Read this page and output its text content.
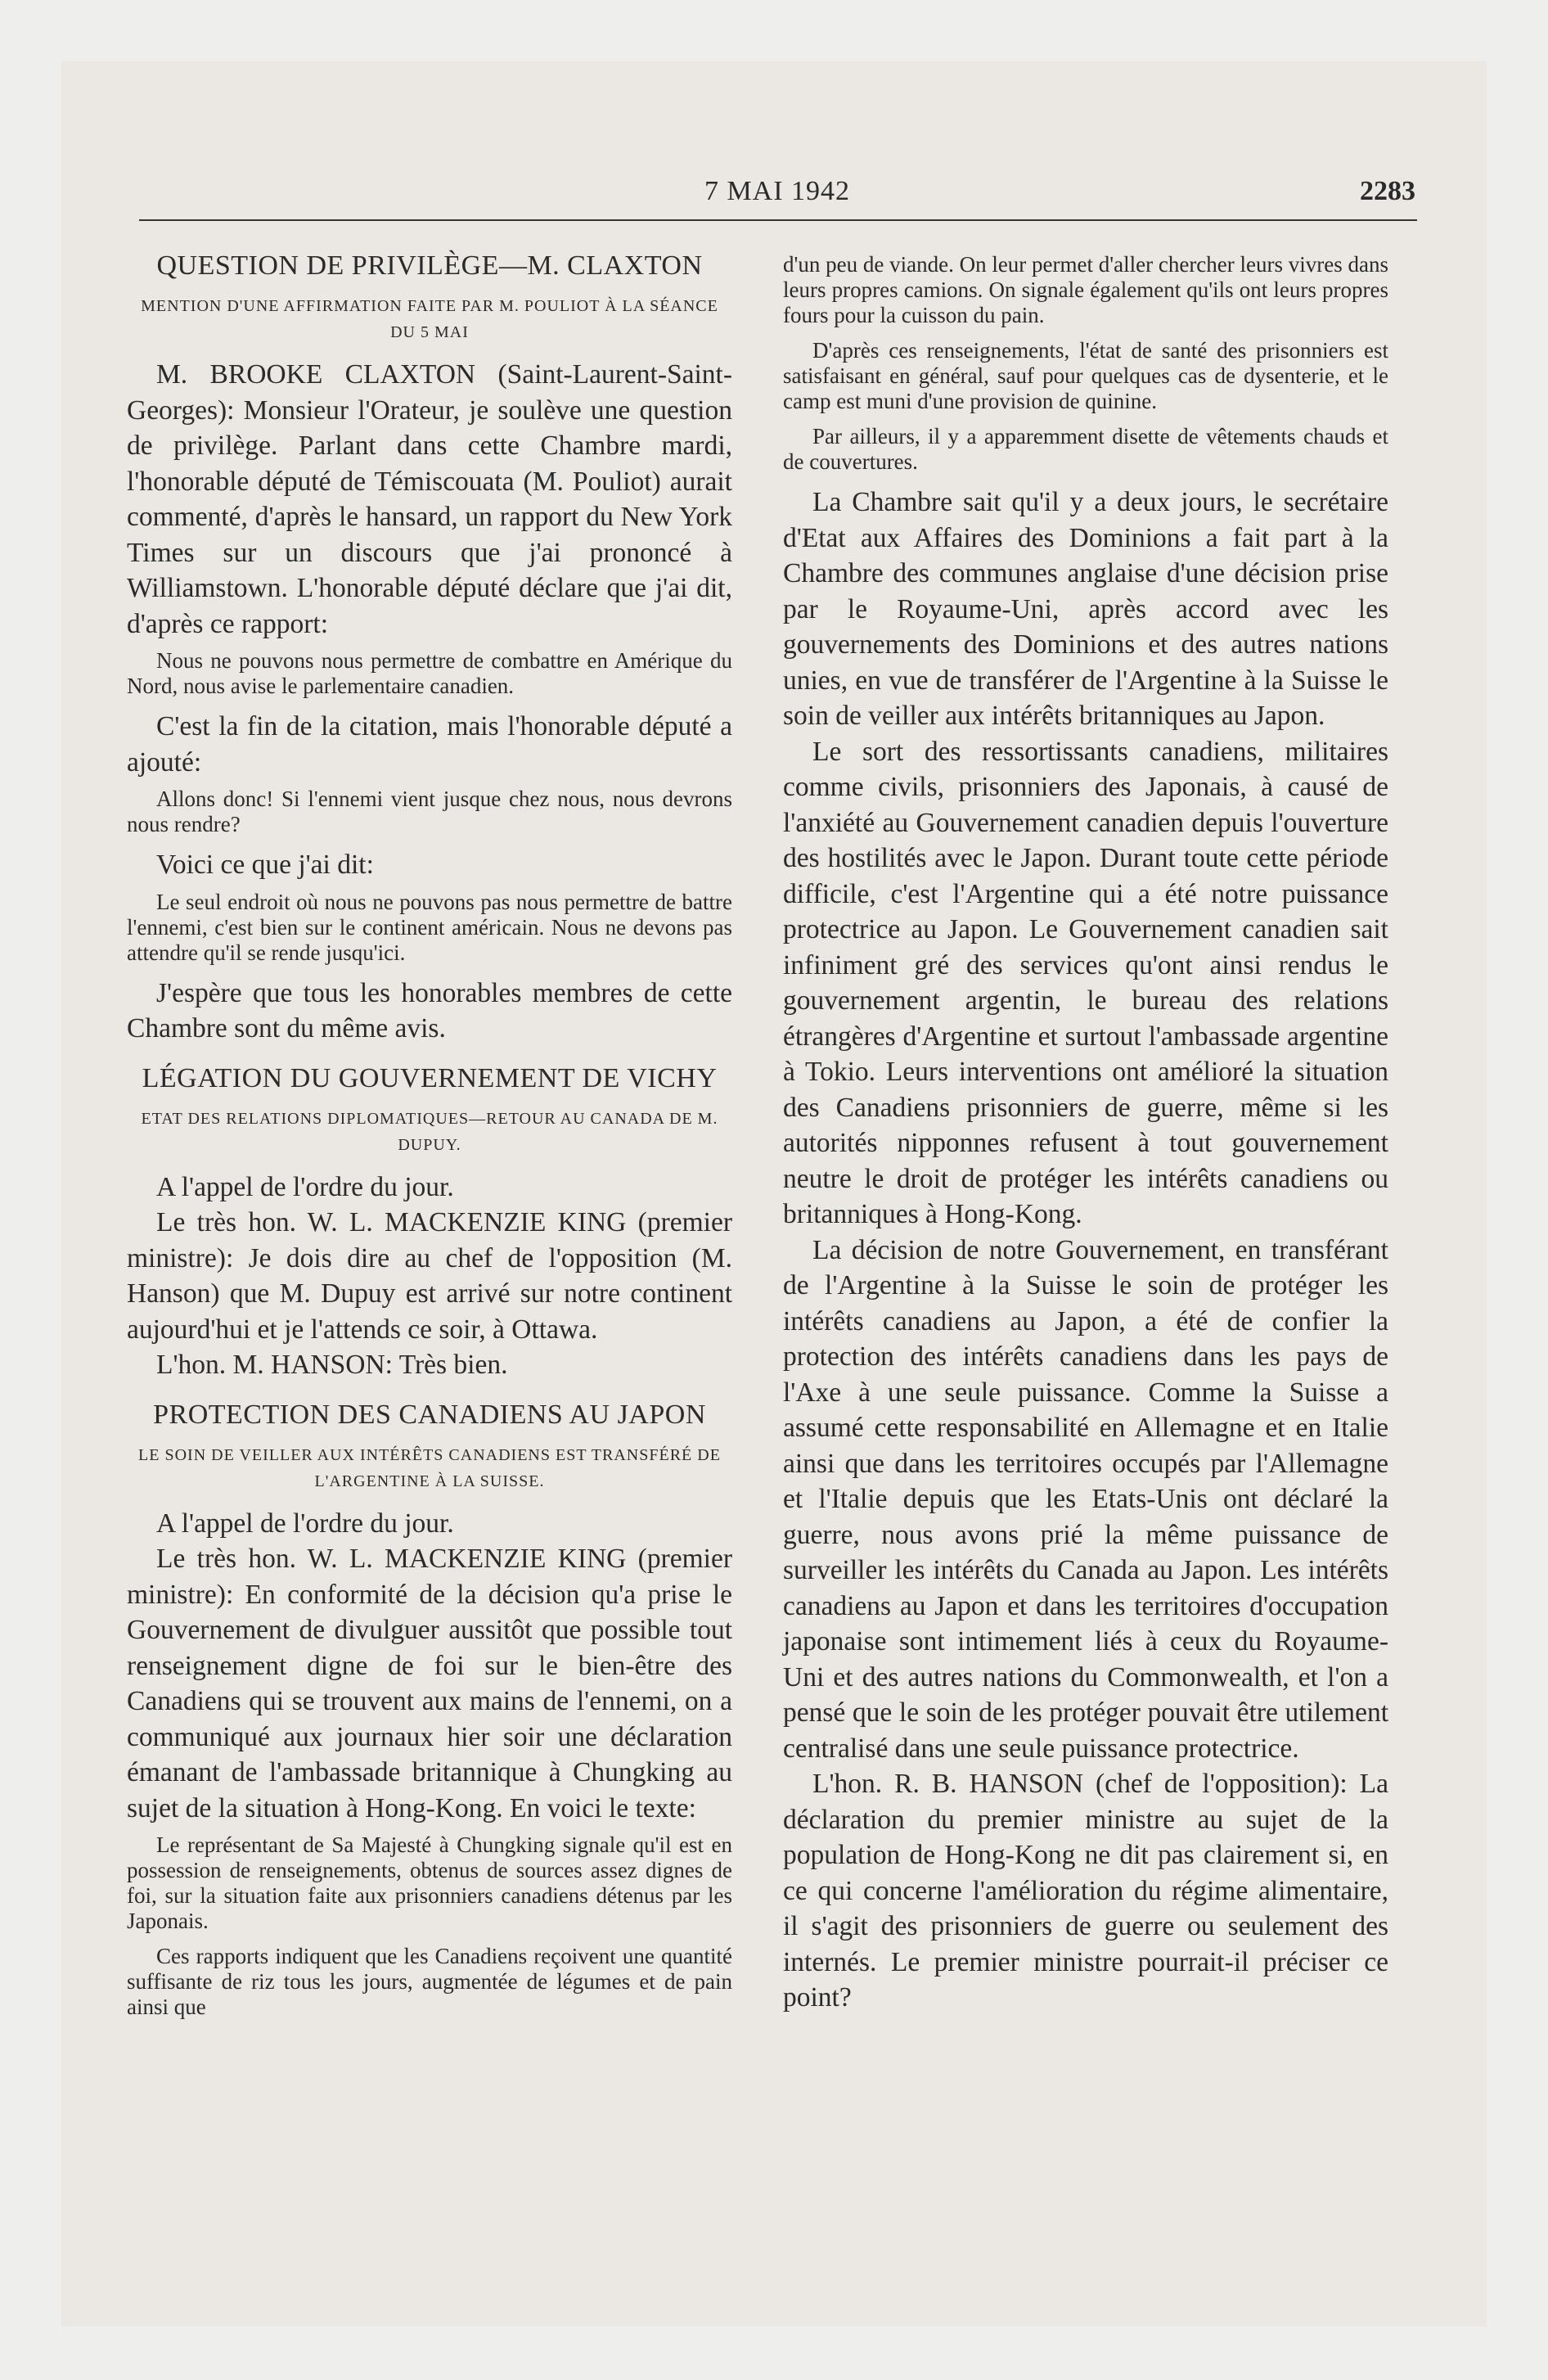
7 MAI 1942	2283

QUESTION DE PRIVILÈGE—M. CLAXTON

MENTION D'UNE AFFIRMATION FAITE PAR M. POULIOT À LA SÉANCE DU 5 MAI

M. BROOKE CLAXTON (Saint-Laurent-Saint-Georges): Monsieur l'Orateur, je soulève une question de privilège. Parlant dans cette Chambre mardi, l'honorable député de Témiscouata (M. Pouliot) aurait commenté, d'après le hansard, un rapport du New York Times sur un discours que j'ai prononcé à Williamstown. L'honorable député déclare que j'ai dit, d'après ce rapport:

Nous ne pouvons nous permettre de combattre en Amérique du Nord, nous avise le parlementaire canadien.

C'est la fin de la citation, mais l'honorable député a ajouté:

Allons donc! Si l'ennemi vient jusque chez nous, nous devrons nous rendre?

Voici ce que j'ai dit:

Le seul endroit où nous ne pouvons pas nous permettre de battre l'ennemi, c'est bien sur le continent américain. Nous ne devons pas attendre qu'il se rende jusqu'ici.

J'espère que tous les honorables membres de cette Chambre sont du même avis.

LÉGATION DU GOUVERNEMENT DE VICHY

ETAT DES RELATIONS DIPLOMATIQUES—RETOUR AU CANADA DE M. DUPUY.

A l'appel de l'ordre du jour.

Le très hon. W. L. MACKENZIE KING (premier ministre): Je dois dire au chef de l'opposition (M. Hanson) que M. Dupuy est arrivé sur notre continent aujourd'hui et je l'attends ce soir, à Ottawa.

L'hon. M. HANSON: Très bien.

PROTECTION DES CANADIENS AU JAPON

LE SOIN DE VEILLER AUX INTÉRÊTS CANADIENS EST TRANSFÉRÉ DE L'ARGENTINE À LA SUISSE.

A l'appel de l'ordre du jour.

Le très hon. W. L. MACKENZIE KING (premier ministre): En conformité de la décision qu'a prise le Gouvernement de divulguer aussitôt que possible tout renseignement digne de foi sur le bien-être des Canadiens qui se trouvent aux mains de l'ennemi, on a communiqué aux journaux hier soir une déclaration émanant de l'ambassade britannique à Chungking au sujet de la situation à Hong-Kong. En voici le texte:

Le représentant de Sa Majesté à Chungking signale qu'il est en possession de renseignements, obtenus de sources assez dignes de foi, sur la situation faite aux prisonniers canadiens détenus par les Japonais.

Ces rapports indiquent que les Canadiens reçoivent une quantité suffisante de riz tous les jours, augmentée de légumes et de pain ainsi que

d'un peu de viande. On leur permet d'aller chercher leurs vivres dans leurs propres camions. On signale également qu'ils ont leurs propres fours pour la cuisson du pain.

D'après ces renseignements, l'état de santé des prisonniers est satisfaisant en général, sauf pour quelques cas de dysenterie, et le camp est muni d'une provision de quinine.

Par ailleurs, il y a apparemment disette de vêtements chauds et de couvertures.

La Chambre sait qu'il y a deux jours, le secrétaire d'Etat aux Affaires des Dominions a fait part à la Chambre des communes anglaise d'une décision prise par le Royaume-Uni, après accord avec les gouvernements des Dominions et des autres nations unies, en vue de transférer de l'Argentine à la Suisse le soin de veiller aux intérêts britanniques au Japon.

Le sort des ressortissants canadiens, militaires comme civils, prisonniers des Japonais, à causé de l'anxiété au Gouvernement canadien depuis l'ouverture des hostilités avec le Japon. Durant toute cette période difficile, c'est l'Argentine qui a été notre puissance protectrice au Japon. Le Gouvernement canadien sait infiniment gré des services qu'ont ainsi rendus le gouvernement argentin, le bureau des relations étrangères d'Argentine et surtout l'ambassade argentine à Tokio. Leurs interventions ont amélioré la situation des Canadiens prisonniers de guerre, même si les autorités nipponnes refusent à tout gouvernement neutre le droit de protéger les intérêts canadiens ou britanniques à Hong-Kong.

La décision de notre Gouvernement, en transférant de l'Argentine à la Suisse le soin de protéger les intérêts canadiens au Japon, a été de confier la protection des intérêts canadiens dans les pays de l'Axe à une seule puissance. Comme la Suisse a assumé cette responsabilité en Allemagne et en Italie ainsi que dans les territoires occupés par l'Allemagne et l'Italie depuis que les Etats-Unis ont déclaré la guerre, nous avons prié la même puissance de surveiller les intérêts du Canada au Japon. Les intérêts canadiens au Japon et dans les territoires d'occupation japonaise sont intimement liés à ceux du Royaume-Uni et des autres nations du Commonwealth, et l'on a pensé que le soin de les protéger pouvait être utilement centralisé dans une seule puissance protectrice.

L'hon. R. B. HANSON (chef de l'opposition): La déclaration du premier ministre au sujet de la population de Hong-Kong ne dit pas clairement si, en ce qui concerne l'amélioration du régime alimentaire, il s'agit des prisonniers de guerre ou seulement des internés. Le premier ministre pourrait-il préciser ce point?
